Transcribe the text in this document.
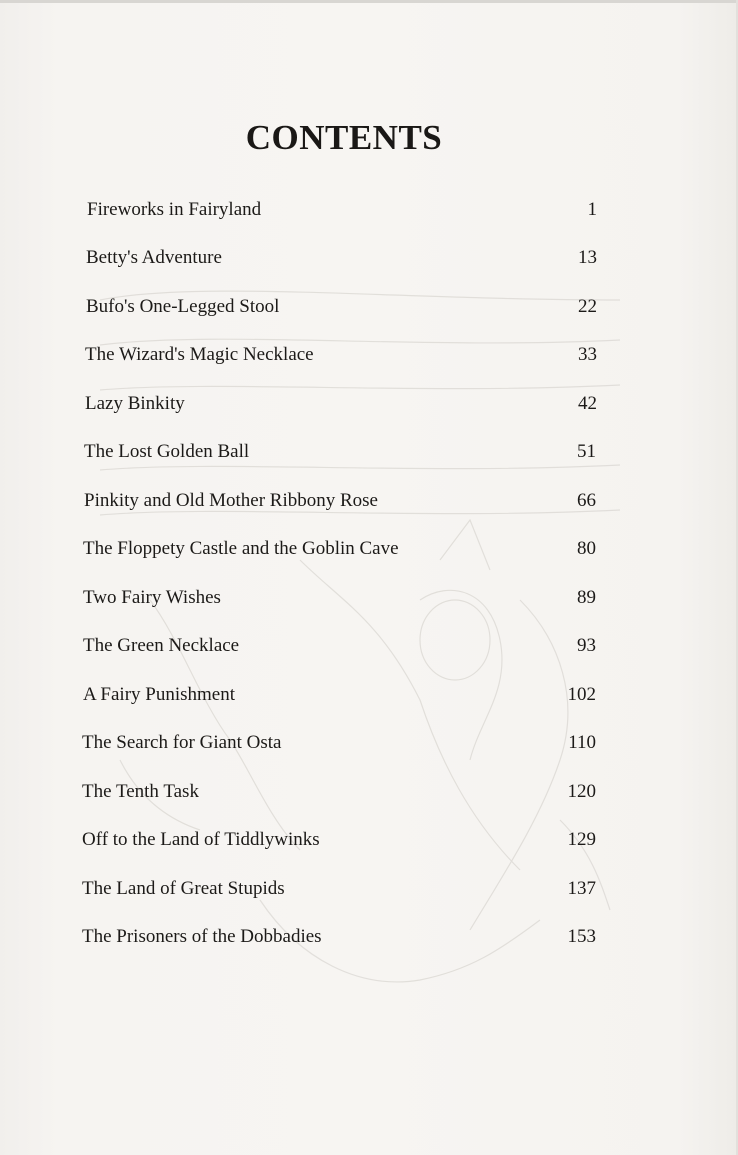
CONTENTS
Fireworks in Fairyland	1
Betty's Adventure	13
Bufo's One-Legged Stool	22
The Wizard's Magic Necklace	33
Lazy Binkity	42
The Lost Golden Ball	51
Pinkity and Old Mother Ribbony Rose	66
The Floppety Castle and the Goblin Cave	80
Two Fairy Wishes	89
The Green Necklace	93
A Fairy Punishment	102
The Search for Giant Osta	110
The Tenth Task	120
Off to the Land of Tiddlywinks	129
The Land of Great Stupids	137
The Prisoners of the Dobbadies	153
